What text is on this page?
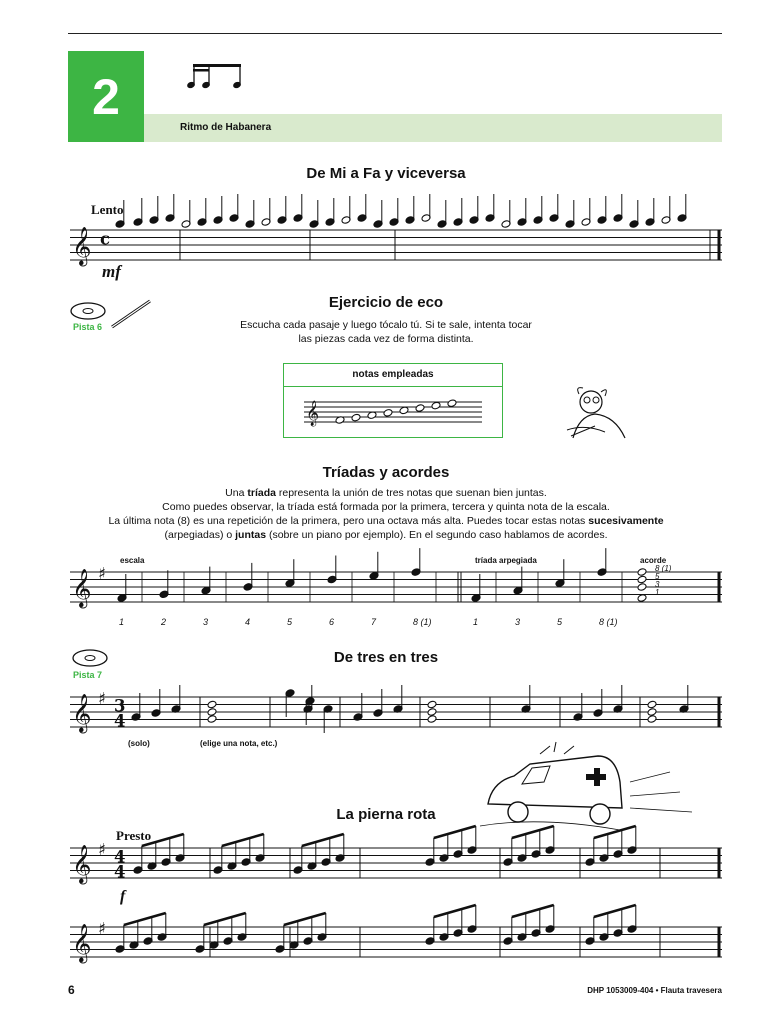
2
Ritmo de Habanera
De Mi a Fa y viceversa
Lento
𝄞 c
mf
Pista 6
Ejercicio de eco
Escucha cada pasaje y luego tócalo tú. Si te sale, intenta tocar
las piezas cada vez de forma distinta.
notas empleadas
𝄞
Tríadas y acordes
Una tríada representa la unión de tres notas que suenan bien juntas.
Como puedes observar, la tríada está formada por la primera, tercera y quinta nota de la escala.
La última nota (8) es una repetición de la primera, pero una octava más alta. Puedes tocar estas notas sucesivamente
(arpegiadas) o juntas (sobre un piano por ejemplo). En el segundo caso hablamos de acordes.
escala	tríada arpegiada	acorde
𝄞 ♯
1	2	3	4	5	6	7	8 (1)	1	3	5	8 (1)
8 (1)
5
3
1
Pista 7
De tres en tres
𝄞 ♯ 3
4
(solo)	(elige una nota, etc.)
La pierna rota
Presto
𝄞 ♯ 4
4
f
𝄞 ♯
6	DHP 1053009-404 • Flauta travesera
